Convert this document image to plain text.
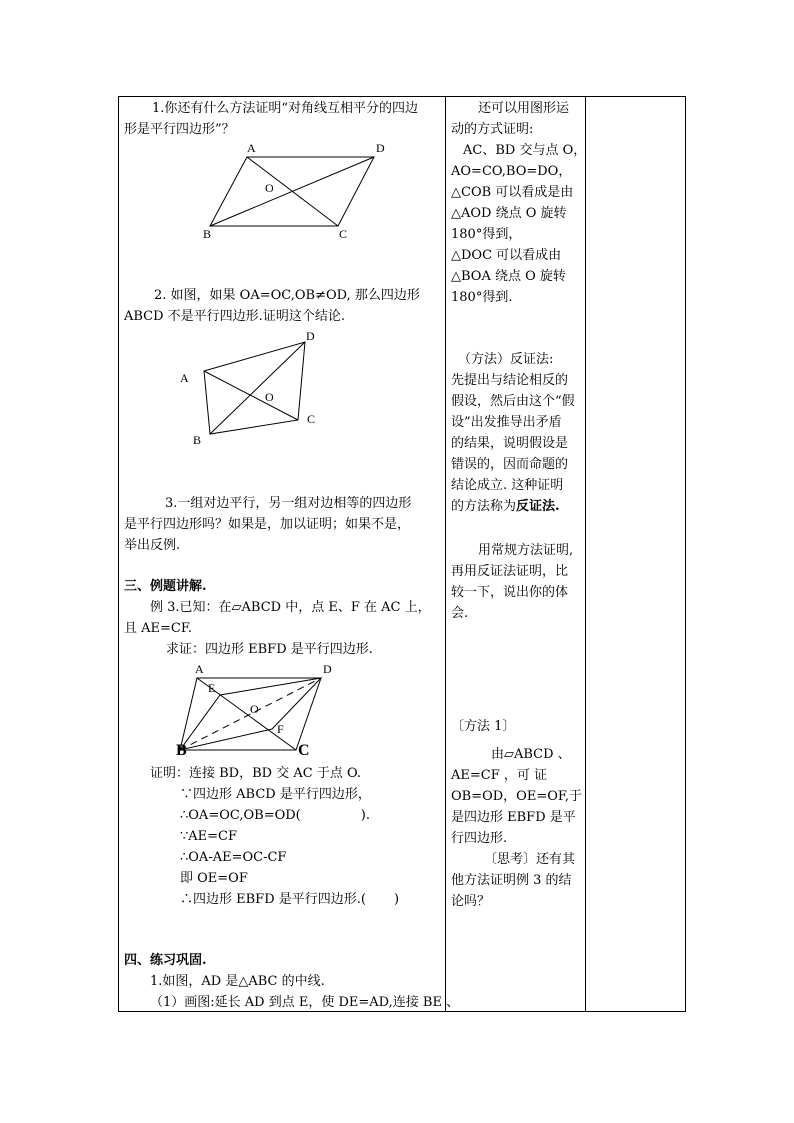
1.你还有什么方法证明“对角线互相平分的四边
形是平行四边形”？
A	D
O
B	C
2. 如图，如果 OA=OC,OB≠OD, 那么四边形
ABCD 不是平行四边形.证明这个结论.
D
A
O
C
B
3.一组对边平行，另一组对边相等的四边形
是平行四边形吗？如果是，加以证明；如果不是，
举出反例.
三、例题讲解.
例 3.已知：在▱ABCD 中，点 E、F 在 AC 上，
且 AE=CF.
求证：四边形 EBFD 是平行四边形.
A	D
E
O
F
B	C
证明：连接 BD，BD 交 AC 于点 O.
∵四边形 ABCD 是平行四边形，
∴OA=OC,OB=OD(	).
∵AE=CF
∴OA-AE=OC-CF
即 OE=OF
∴四边形 EBFD 是平行四边形.( )
四、练习巩固.
1.如图，AD 是△ABC 的中线.
（1）画图:延长 AD 到点 E，使 DE=AD,连接 BE 、
还可以用图形运
动的方式证明:
AC、BD 交与点 O，
AO=CO,BO=DO，
△COB 可以看成是由
△AOD 绕点 O 旋转
180°得到，
△DOC 可以看成由
△BOA 绕点 O 旋转
180°得到.
（方法）反证法:
先提出与结论相反的
假设，然后由这个“假
设”出发推导出矛盾
的结果，说明假设是
错误的，因而命题的
结论成立. 这种证明
的方法称为反证法.
用常规方法证明,
再用反证法证明，比
较一下，说出你的体
会.
〔方法 1〕
由▱ABCD 、
AE=CF ，可 证
OB=OD，OE=OF,于
是四边形 EBFD 是平
行四边形.
〔思考〕还有其
他方法证明例 3 的结
论吗？
